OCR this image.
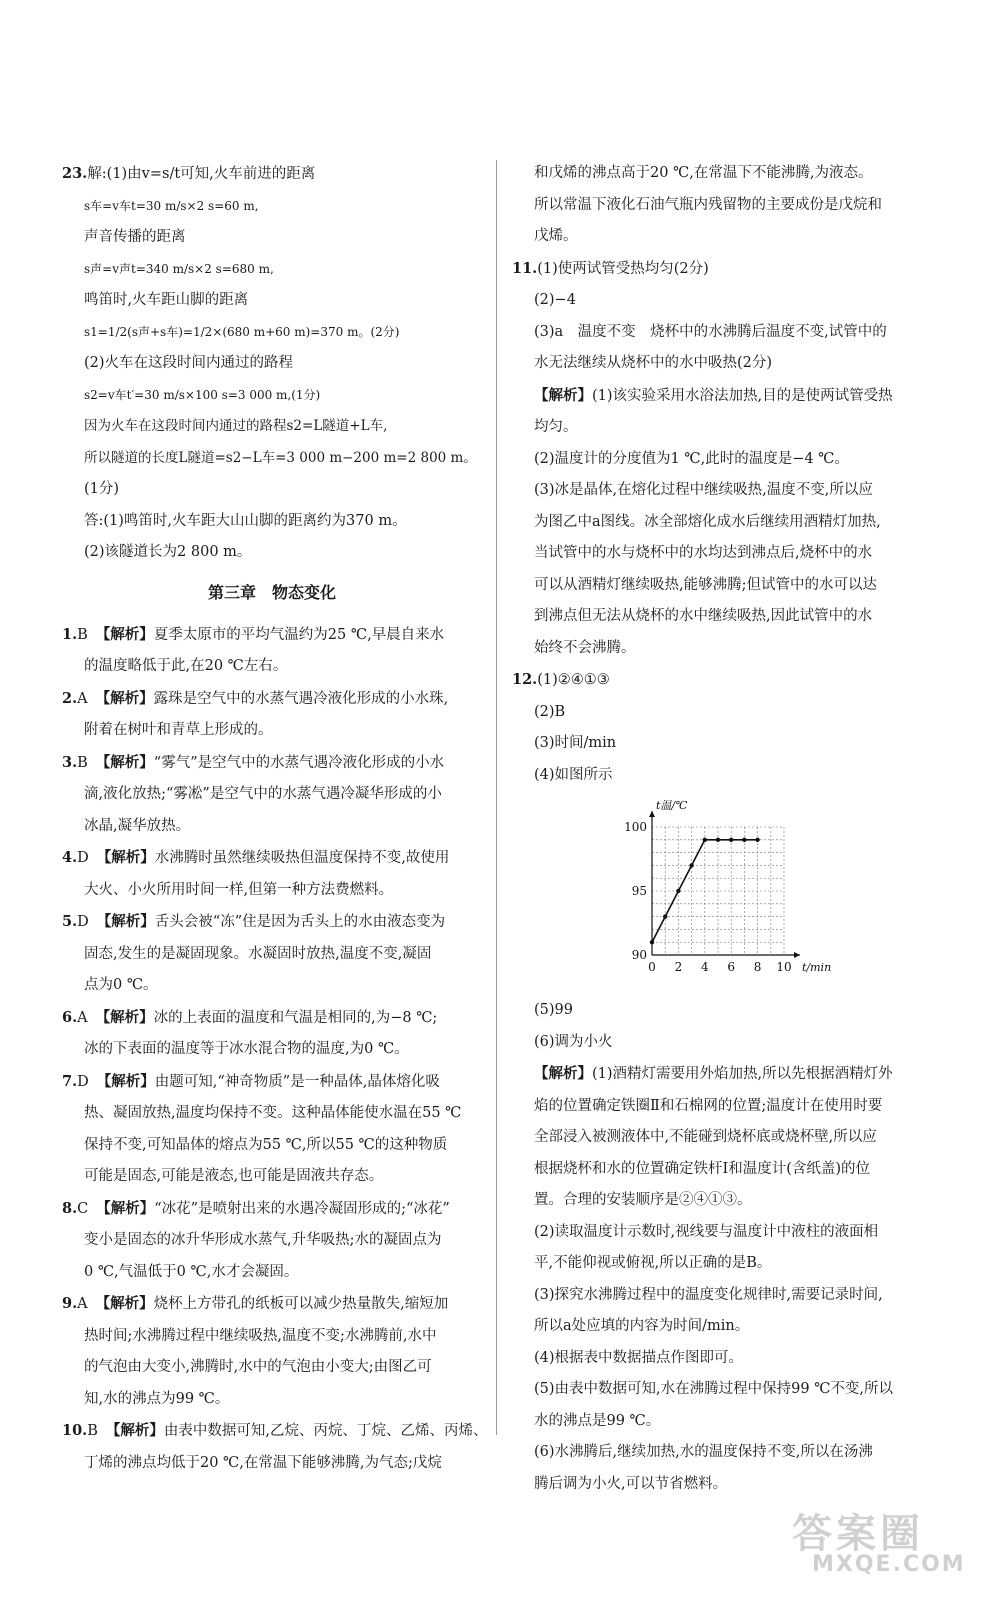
23.解:(1)由v=s/t可知,火车前进的距离
s车=v车t=30 m/s×2 s=60 m,
声音传播的距离
s声=v声t=340 m/s×2 s=680 m,
鸣笛时,火车距山脚的距离
s1=1/2(s声+s车)=1/2×(680 m+60 m)=370 m。(2分)
(2)火车在这段时间内通过的路程
s2=v车t′=30 m/s×100 s=3 000 m,(1分)
因为火车在这段时间内通过的路程s2=L隧道+L车,
所以隧道的长度L隧道=s2−L车=3 000 m−200 m=2 800 m。
(1分)
答:(1)鸣笛时,火车距大山山脚的距离约为370 m。
(2)该隧道长为2 800 m。
第三章　物态变化
1.B 【解析】夏季太原市的平均气温约为25 ℃,早晨自来水
的温度略低于此,在20 ℃左右。
2.A 【解析】露珠是空气中的水蒸气遇冷液化形成的小水珠,
附着在树叶和青草上形成的。
3.B 【解析】“雾气”是空气中的水蒸气遇冷液化形成的小水
滴,液化放热;“雾凇”是空气中的水蒸气遇冷凝华形成的小
冰晶,凝华放热。
4.D 【解析】水沸腾时虽然继续吸热但温度保持不变,故使用
大火、小火所用时间一样,但第一种方法费燃料。
5.D 【解析】舌头会被“冻”住是因为舌头上的水由液态变为
固态,发生的是凝固现象。水凝固时放热,温度不变,凝固
点为0 ℃。
6.A 【解析】冰的上表面的温度和气温是相同的,为−8 ℃;
冰的下表面的温度等于冰水混合物的温度,为0 ℃。
7.D 【解析】由题可知,“神奇物质”是一种晶体,晶体熔化吸
热、凝固放热,温度均保持不变。这种晶体能使水温在55 ℃
保持不变,可知晶体的熔点为55 ℃,所以55 ℃的这种物质
可能是固态,可能是液态,也可能是固液共存态。
8.C 【解析】“冰花”是喷射出来的水遇冷凝固形成的;“冰花”
变小是固态的冰升华形成水蒸气,升华吸热;水的凝固点为
0 ℃,气温低于0 ℃,水才会凝固。
9.A 【解析】烧杯上方带孔的纸板可以减少热量散失,缩短加
热时间;水沸腾过程中继续吸热,温度不变;水沸腾前,水中
的气泡由大变小,沸腾时,水中的气泡由小变大;由图乙可
知,水的沸点为99 ℃。
10.B 【解析】由表中数据可知,乙烷、丙烷、丁烷、乙烯、丙烯、
丁烯的沸点均低于20 ℃,在常温下能够沸腾,为气态;戊烷
和戊烯的沸点高于20 ℃,在常温下不能沸腾,为液态。
所以常温下液化石油气瓶内残留物的主要成份是戊烷和
戊烯。
11.(1)使两试管受热均匀(2分)
(2)−4
(3)a　温度不变　烧杯中的水沸腾后温度不变,试管中的
水无法继续从烧杯中的水中吸热(2分)
【解析】(1)该实验采用水浴法加热,目的是使两试管受热
均匀。
(2)温度计的分度值为1 ℃,此时的温度是−4 ℃。
(3)冰是晶体,在熔化过程中继续吸热,温度不变,所以应
为图乙中a图线。冰全部熔化成水后继续用酒精灯加热,
当试管中的水与烧杯中的水均达到沸点后,烧杯中的水
可以从酒精灯继续吸热,能够沸腾;但试管中的水可以达
到沸点但无法从烧杯的水中继续吸热,因此试管中的水
始终不会沸腾。
12.(1)②④①③
(2)B
(3)时间/min
(4)如图所示
0 2 4 6 8 10
90
95
100
t/min
t温/℃
(5)99
(6)调为小火
【解析】(1)酒精灯需要用外焰加热,所以先根据酒精灯外
焰的位置确定铁圈Ⅱ和石棉网的位置;温度计在使用时要
全部浸入被测液体中,不能碰到烧杯底或烧杯壁,所以应
根据烧杯和水的位置确定铁杆Ⅰ和温度计(含纸盖)的位
置。合理的安装顺序是②④①③。
(2)读取温度计示数时,视线要与温度计中液柱的液面相
平,不能仰视或俯视,所以正确的是B。
(3)探究水沸腾过程中的温度变化规律时,需要记录时间,
所以a处应填的内容为时间/min。
(4)根据表中数据描点作图即可。
(5)由表中数据可知,水在沸腾过程中保持99 ℃不变,所以
水的沸点是99 ℃。
(6)水沸腾后,继续加热,水的温度保持不变,所以在汤沸
腾后调为小火,可以节省燃料。
答案圈
MXQE.COM
